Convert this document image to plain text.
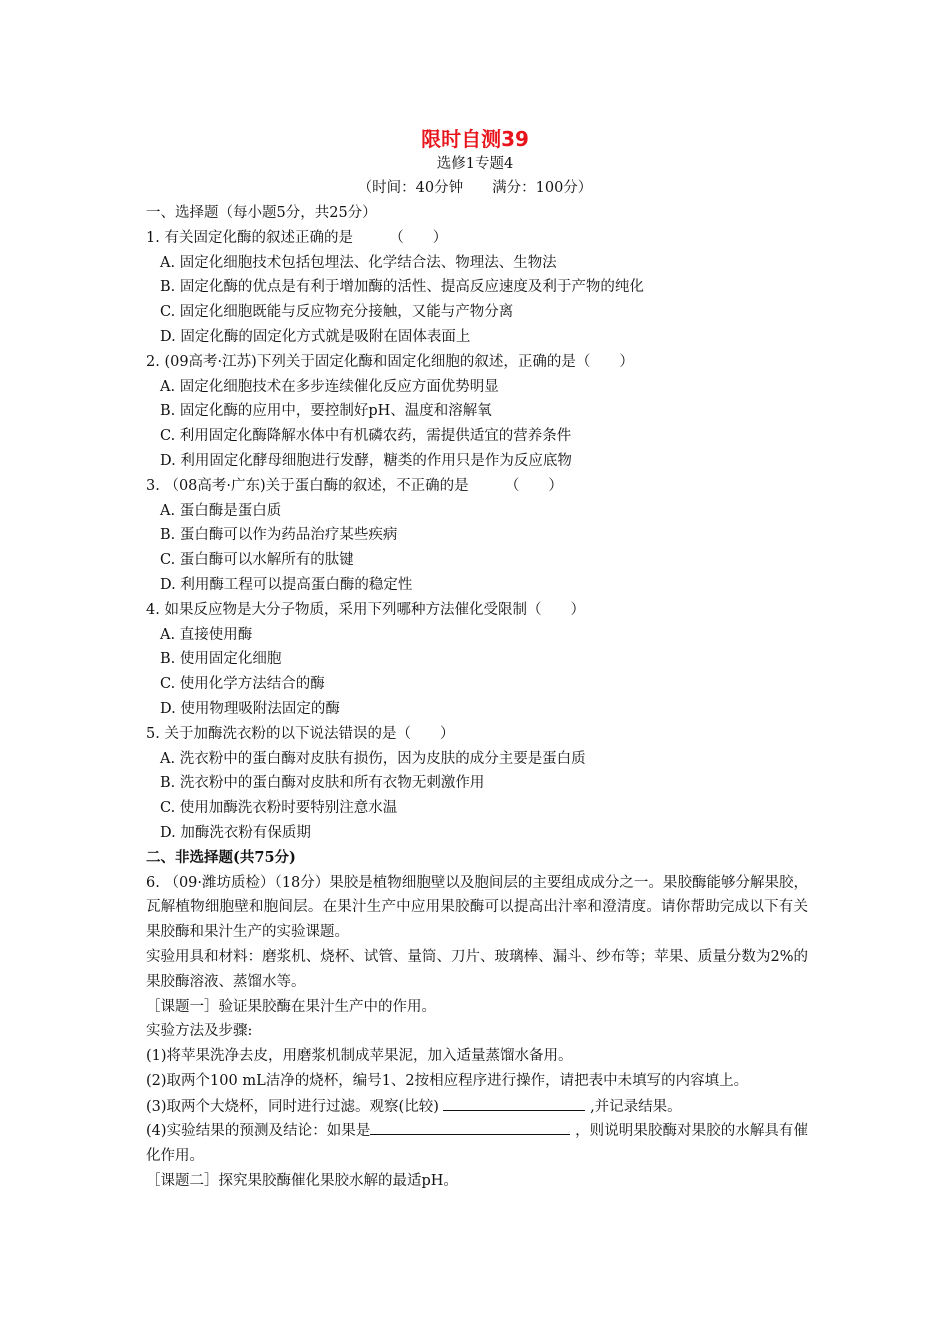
限时自测39
选修1专题4
（时间：40分钟　　满分：100分）
一、选择题（每小题5分，共25分）
1. 有关固定化酶的叙述正确的是　　　（　　）
A. 固定化细胞技术包括包埋法、化学结合法、物理法、生物法
B. 固定化酶的优点是有利于增加酶的活性、提高反应速度及利于产物的纯化
C. 固定化细胞既能与反应物充分接触，又能与产物分离
D. 固定化酶的固定化方式就是吸附在固体表面上
2. (09高考·江苏)下列关于固定化酶和固定化细胞的叙述，正确的是（　　）
A. 固定化细胞技术在多步连续催化反应方面优势明显
B. 固定化酶的应用中，要控制好pH、温度和溶解氧
C. 利用固定化酶降解水体中有机磷农药，需提供适宜的营养条件
D. 利用固定化酵母细胞进行发酵，糖类的作用只是作为反应底物
3. （08高考·广东)关于蛋白酶的叙述，不正确的是　　　（　　）
A. 蛋白酶是蛋白质
B. 蛋白酶可以作为药品治疗某些疾病
C. 蛋白酶可以水解所有的肽键
D. 利用酶工程可以提高蛋白酶的稳定性
4. 如果反应物是大分子物质，采用下列哪种方法催化受限制（　　）
A. 直接使用酶
B. 使用固定化细胞
C. 使用化学方法结合的酶
D. 使用物理吸附法固定的酶
5. 关于加酶洗衣粉的以下说法错误的是（　　）
A. 洗衣粉中的蛋白酶对皮肤有损伤，因为皮肤的成分主要是蛋白质
B. 洗衣粉中的蛋白酶对皮肤和所有衣物无刺激作用
C. 使用加酶洗衣粉时要特别注意水温
D. 加酶洗衣粉有保质期
二、非选择题(共75分)
6. （09·潍坊质检）（18分）果胶是植物细胞壁以及胞间层的主要组成成分之一。果胶酶能够分解果胶，瓦解植物细胞壁和胞间层。在果汁生产中应用果胶酶可以提高出汁率和澄清度。请你帮助完成以下有关果胶酶和果汁生产的实验课题。
实验用具和材料：磨浆机、烧杯、试管、量筒、刀片、玻璃棒、漏斗、纱布等；苹果、质量分数为2%的果胶酶溶液、蒸馏水等。
［课题一］验证果胶酶在果汁生产中的作用。
实验方法及步骤:
(1)将苹果洗净去皮，用磨浆机制成苹果泥，加入适量蒸馏水备用。
(2)取两个100 mL洁净的烧杯，编号1、2按相应程序进行操作，请把表中未填写的内容填上。
(3)取两个大烧杯，同时进行过滤。观察(比较)	,并记录结果。
(4)实验结果的预测及结论：如果是	，则说明果胶酶对果胶的水解具有催化作用。
［课题二］探究果胶酶催化果胶水解的最适pH。
